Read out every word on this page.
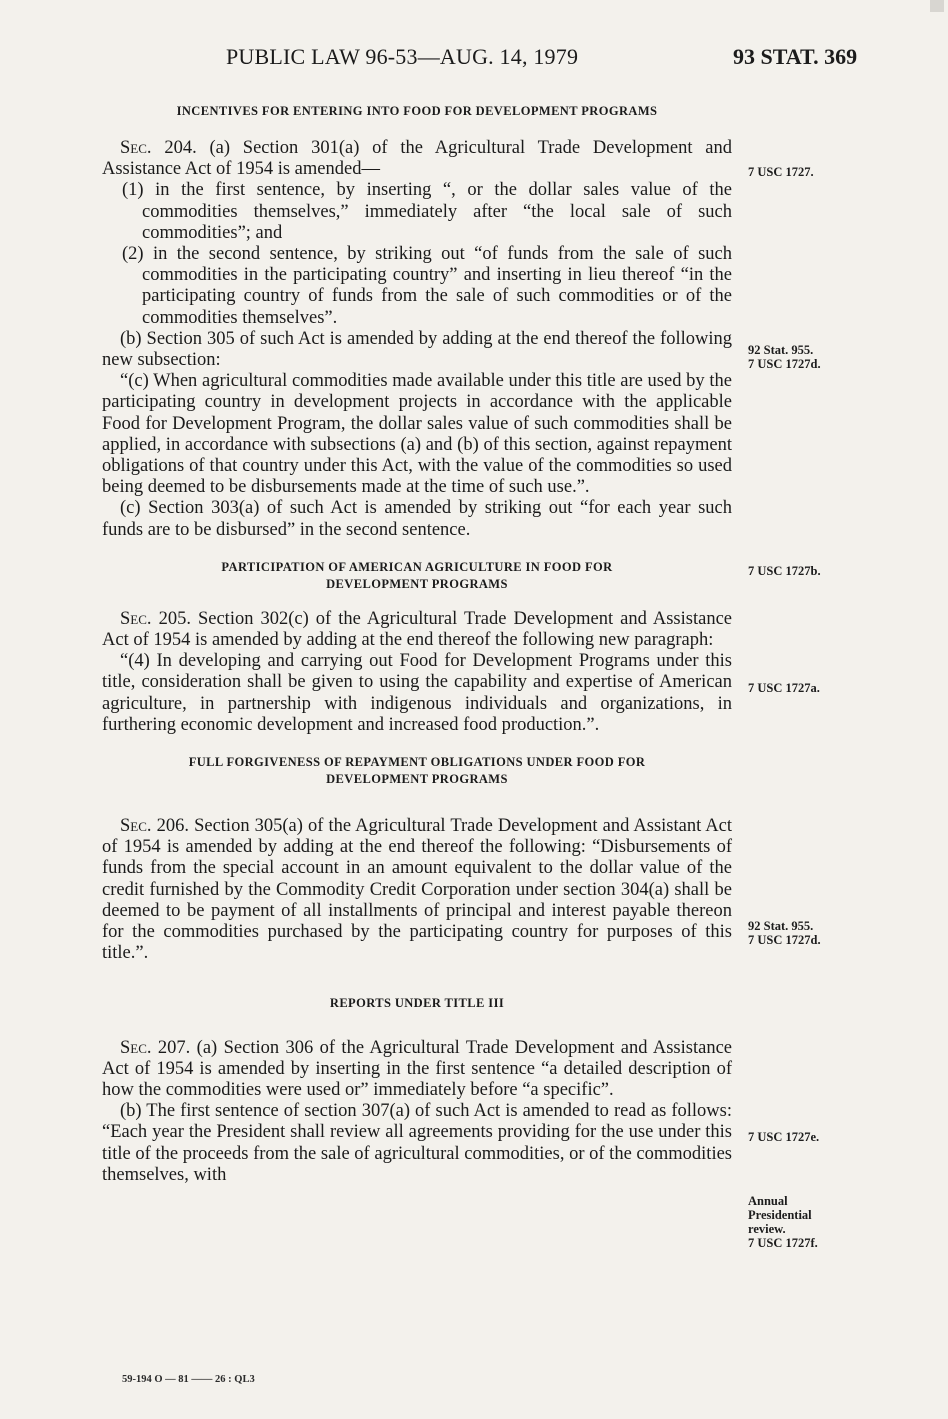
PUBLIC LAW 96-53—AUG. 14, 1979	93 STAT. 369
INCENTIVES FOR ENTERING INTO FOOD FOR DEVELOPMENT PROGRAMS

Sec. 204. (a) Section 301(a) of the Agricultural Trade Development and Assistance Act of 1954 is amended—

(1) in the first sentence, by inserting “, or the dollar sales value of the commodities themselves,” immediately after “the local sale of such commodities”; and

(2) in the second sentence, by striking out “of funds from the sale of such commodities in the participating country” and inserting in lieu thereof “in the participating country of funds from the sale of such commodities or of the commodities themselves”.

(b) Section 305 of such Act is amended by adding at the end thereof the following new subsection:

“(c) When agricultural commodities made available under this title are used by the participating country in development projects in accordance with the applicable Food for Development Program, the dollar sales value of such commodities shall be applied, in accordance with subsections (a) and (b) of this section, against repayment obligations of that country under this Act, with the value of the commodities so used being deemed to be disbursements made at the time of such use.”.

(c) Section 303(a) of such Act is amended by striking out “for each year such funds are to be disbursed” in the second sentence.

PARTICIPATION OF AMERICAN AGRICULTURE IN FOOD FOR
DEVELOPMENT PROGRAMS

Sec. 205. Section 302(c) of the Agricultural Trade Development and Assistance Act of 1954 is amended by adding at the end thereof the following new paragraph:

“(4) In developing and carrying out Food for Development Programs under this title, consideration shall be given to using the capability and expertise of American agriculture, in partnership with indigenous individuals and organizations, in furthering economic development and increased food production.”.

FULL FORGIVENESS OF REPAYMENT OBLIGATIONS UNDER FOOD FOR
DEVELOPMENT PROGRAMS

Sec. 206. Section 305(a) of the Agricultural Trade Development and Assistant Act of 1954 is amended by adding at the end thereof the following: “Disbursements of funds from the special account in an amount equivalent to the dollar value of the credit furnished by the Commodity Credit Corporation under section 304(a) shall be deemed to be payment of all installments of principal and interest payable thereon for the commodities purchased by the participating country for purposes of this title.”.

REPORTS UNDER TITLE III

Sec. 207. (a) Section 306 of the Agricultural Trade Development and Assistance Act of 1954 is amended by inserting in the first sentence “a detailed description of how the commodities were used or” immediately before “a specific”.

(b) The first sentence of section 307(a) of such Act is amended to read as follows: “Each year the President shall review all agreements providing for the use under this title of the proceeds from the sale of agricultural commodities, or of the commodities themselves, with

7 USC 1727.
92 Stat. 955.
7 USC 1727d.
7 USC 1727b.
7 USC 1727a.
92 Stat. 955.
7 USC 1727d.
7 USC 1727e.
Annual
Presidential
review.
7 USC 1727f.
59-194 O — 81 —— 26 : QL3
